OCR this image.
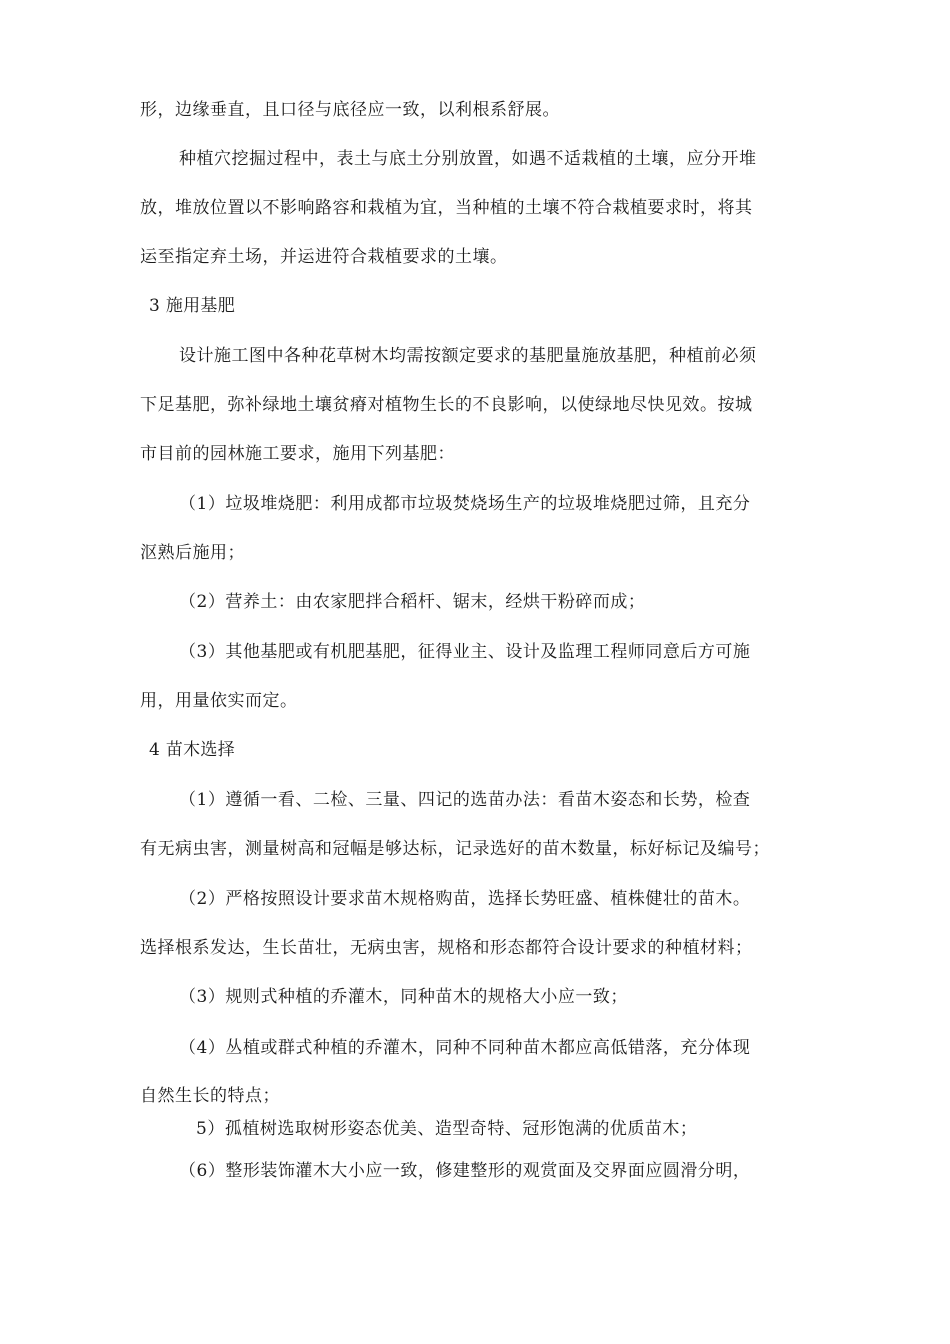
形，边缘垂直，且口径与底径应一致，以利根系舒展。
种植穴挖掘过程中，表土与底土分别放置，如遇不适栽植的土壤，应分开堆
放，堆放位置以不影响路容和栽植为宜，当种植的土壤不符合栽植要求时，将其
运至指定弃土场，并运进符合栽植要求的土壤。
3 施用基肥
设计施工图中各种花草树木均需按额定要求的基肥量施放基肥，种植前必须
下足基肥，弥补绿地土壤贫瘠对植物生长的不良影响，以使绿地尽快见效。按城
市目前的园林施工要求，施用下列基肥：
（1）垃圾堆烧肥：利用成都市垃圾焚烧场生产的垃圾堆烧肥过筛，且充分
沤熟后施用；
（2）营养土：由农家肥拌合稻杆、锯末，经烘干粉碎而成；
（3）其他基肥或有机肥基肥，征得业主、设计及监理工程师同意后方可施
用，用量依实而定。
4 苗木选择
（1）遵循一看、二检、三量、四记的选苗办法：看苗木姿态和长势，检查
有无病虫害，测量树高和冠幅是够达标，记录选好的苗木数量，标好标记及编号；
（2）严格按照设计要求苗木规格购苗，选择长势旺盛、植株健壮的苗木。
选择根系发达，生长苗壮，无病虫害，规格和形态都符合设计要求的种植材料；
（3）规则式种植的乔灌木，同种苗木的规格大小应一致；
（4）丛植或群式种植的乔灌木，同种不同种苗木都应高低错落，充分体现
自然生长的特点；
5）孤植树选取树形姿态优美、造型奇特、冠形饱满的优质苗木；
（6）整形装饰灌木大小应一致，修建整形的观赏面及交界面应圆滑分明，
